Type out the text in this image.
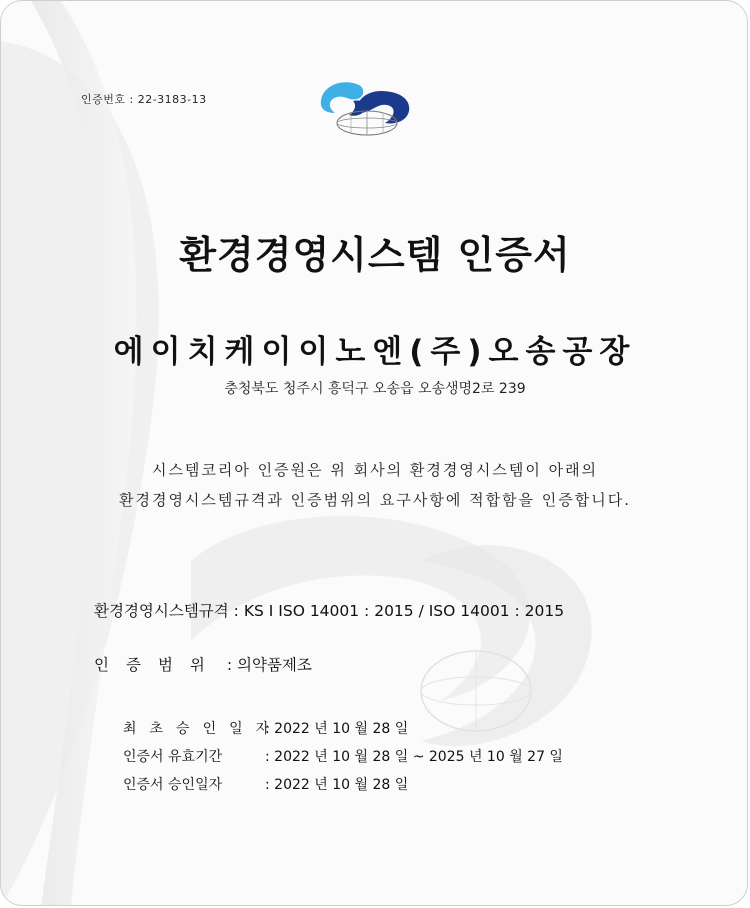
인증번호 : 22-3183-13
환경경영시스템 인증서
에이치케이이노엔(주)오송공장
충청북도 청주시 흥덕구 오송읍 오송생명2로 239
시스템코리아 인증원은 위 회사의 환경경영시스템이 아래의
환경경영시스템규격과 인증범위의 요구사항에 적합함을 인증합니다.
환경경영시스템규격 : KS I ISO 14001 : 2015 / ISO 14001 : 2015
인증범위 : 의약품제조
최초승인일자: 2022 년 10 월 28 일
인증서 유효기간	: 2022 년 10 월 28 일 ~ 2025 년 10 월 27 일
인증서 승인일자	: 2022 년 10 월 28 일
